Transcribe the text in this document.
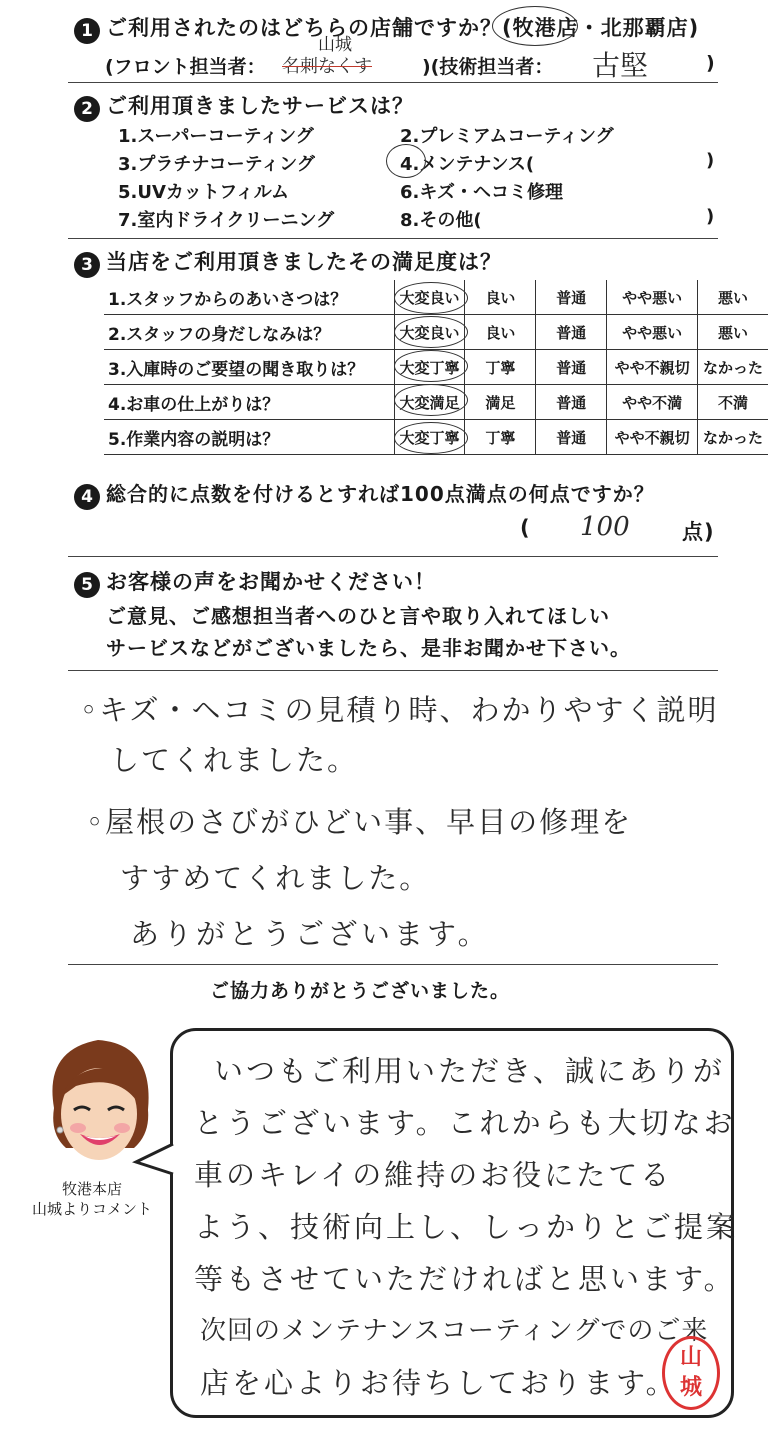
1 ご利用されたのはどちらの店舗ですか？(牧港店・北那覇店)
(フロント担当者： 名刺なくす
山城
)(技術担当者： 古堅	)
2 ご利用頂きましたサービスは？
1.スーパーコーティング	2.プレミアムコーティング
3.プラチナコーティング	4.メンテナンス(	)
5.UVカットフィルム	6.キズ・ヘコミ修理
7.室内ドライクリーニング	8.その他(	)
3 当店をご利用頂きましたその満足度は？
1.スタッフからのあいさつは？	大変良い	良い	普通	やや悪い	悪い
2.スタッフの身だしなみは？	大変良い	良い	普通	やや悪い	悪い
3.入庫時のご要望の聞き取りは？	大変丁寧	丁寧	普通	やや不親切	なかった
4.お車の仕上がりは？	大変満足	満足	普通	やや不満	不満
5.作業内容の説明は？	大変丁寧	丁寧	普通	やや不親切	なかった
4 総合的に点数を付けるとすれば100点満点の何点ですか？
( 100 点)
5 お客様の声をお聞かせください！
ご意見、ご感想担当者へのひと言や取り入れてほしい
サービスなどがございましたら、是非お聞かせ下さい。
◦キズ・ヘコミの見積り時、わかりやすく説明
してくれました。
◦屋根のさびがひどい事、早目の修理を
すすめてくれました。
ありがとうございます。
ご協力ありがとうございました。
牧港本店
山城よりコメント
いつもご利用いただき、誠にありが
とうございます。これからも大切なお
車のキレイの維持のお役にたてる
よう、技術向上し、しっかりとご提案
等もさせていただければと思います。
次回のメンテナンスコーティングでのご来
店を心よりお待ちしております。
山
城
